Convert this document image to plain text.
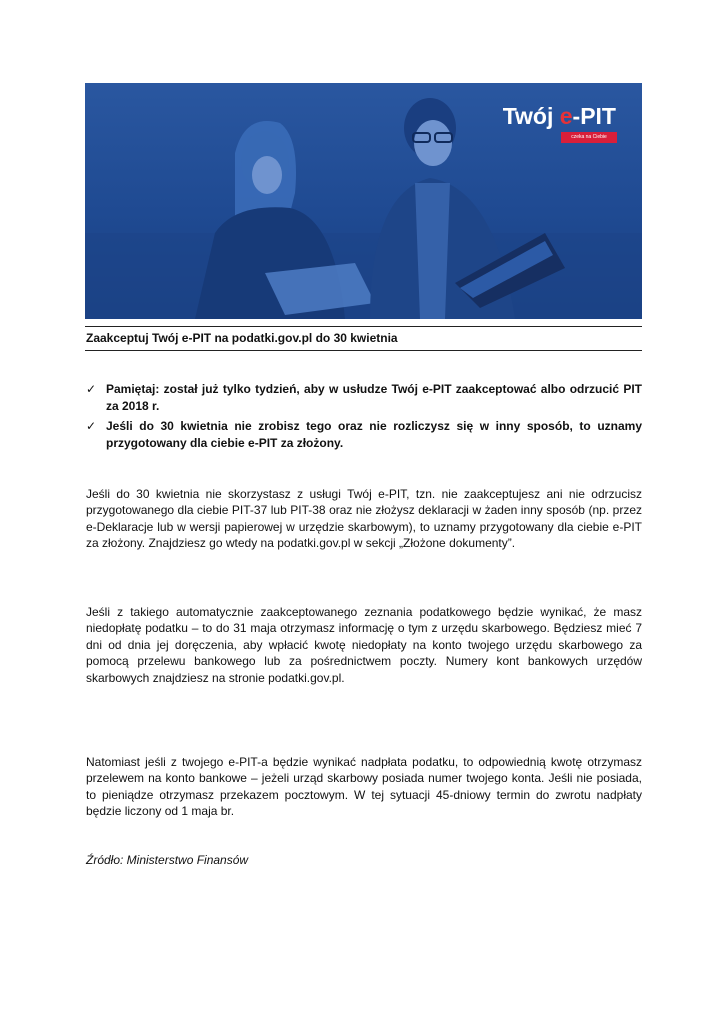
Twój e-PIT
czeka na Ciebie
Zaakceptuj Twój e-PIT na podatki.gov.pl do 30 kwietnia
✓ Pamiętaj: został już tylko tydzień, aby w usłudze Twój e-PIT zaakceptować albo odrzucić PIT za 2018 r.
✓ Jeśli do 30 kwietnia nie zrobisz tego oraz nie rozliczysz się w inny sposób, to uznamy przygotowany dla ciebie e-PIT za złożony.

Jeśli do 30 kwietnia nie skorzystasz z usługi Twój e-PIT, tzn. nie zaakceptujesz ani nie odrzucisz przygotowanego dla ciebie PIT-37 lub PIT-38 oraz nie złożysz deklaracji w żaden inny sposób (np. przez e-Deklaracje lub w wersji papierowej w urzędzie skarbowym), to uznamy przygotowany dla ciebie e-PIT za złożony. Znajdziesz go wtedy na podatki.gov.pl w sekcji „Złożone dokumenty”.

Jeśli z takiego automatycznie zaakceptowanego zeznania podatkowego będzie wynikać, że masz niedopłatę podatku – to do 31 maja otrzymasz informację o tym z urzędu skarbowego. Będziesz mieć 7 dni od dnia jej doręczenia, aby wpłacić kwotę niedopłaty na konto twojego urzędu skarbowego za pomocą przelewu bankowego lub za pośrednictwem poczty. Numery kont bankowych urzędów skarbowych znajdziesz na stronie podatki.gov.pl.

Natomiast jeśli z twojego e-PIT-a będzie wynikać nadpłata podatku, to odpowiednią kwotę otrzymasz przelewem na konto bankowe – jeżeli urząd skarbowy posiada numer twojego konta. Jeśli nie posiada, to pieniądze otrzymasz przekazem pocztowym. W tej sytuacji 45-dniowy termin do zwrotu nadpłaty będzie liczony od 1 maja br.

Źródło: Ministerstwo Finansów
